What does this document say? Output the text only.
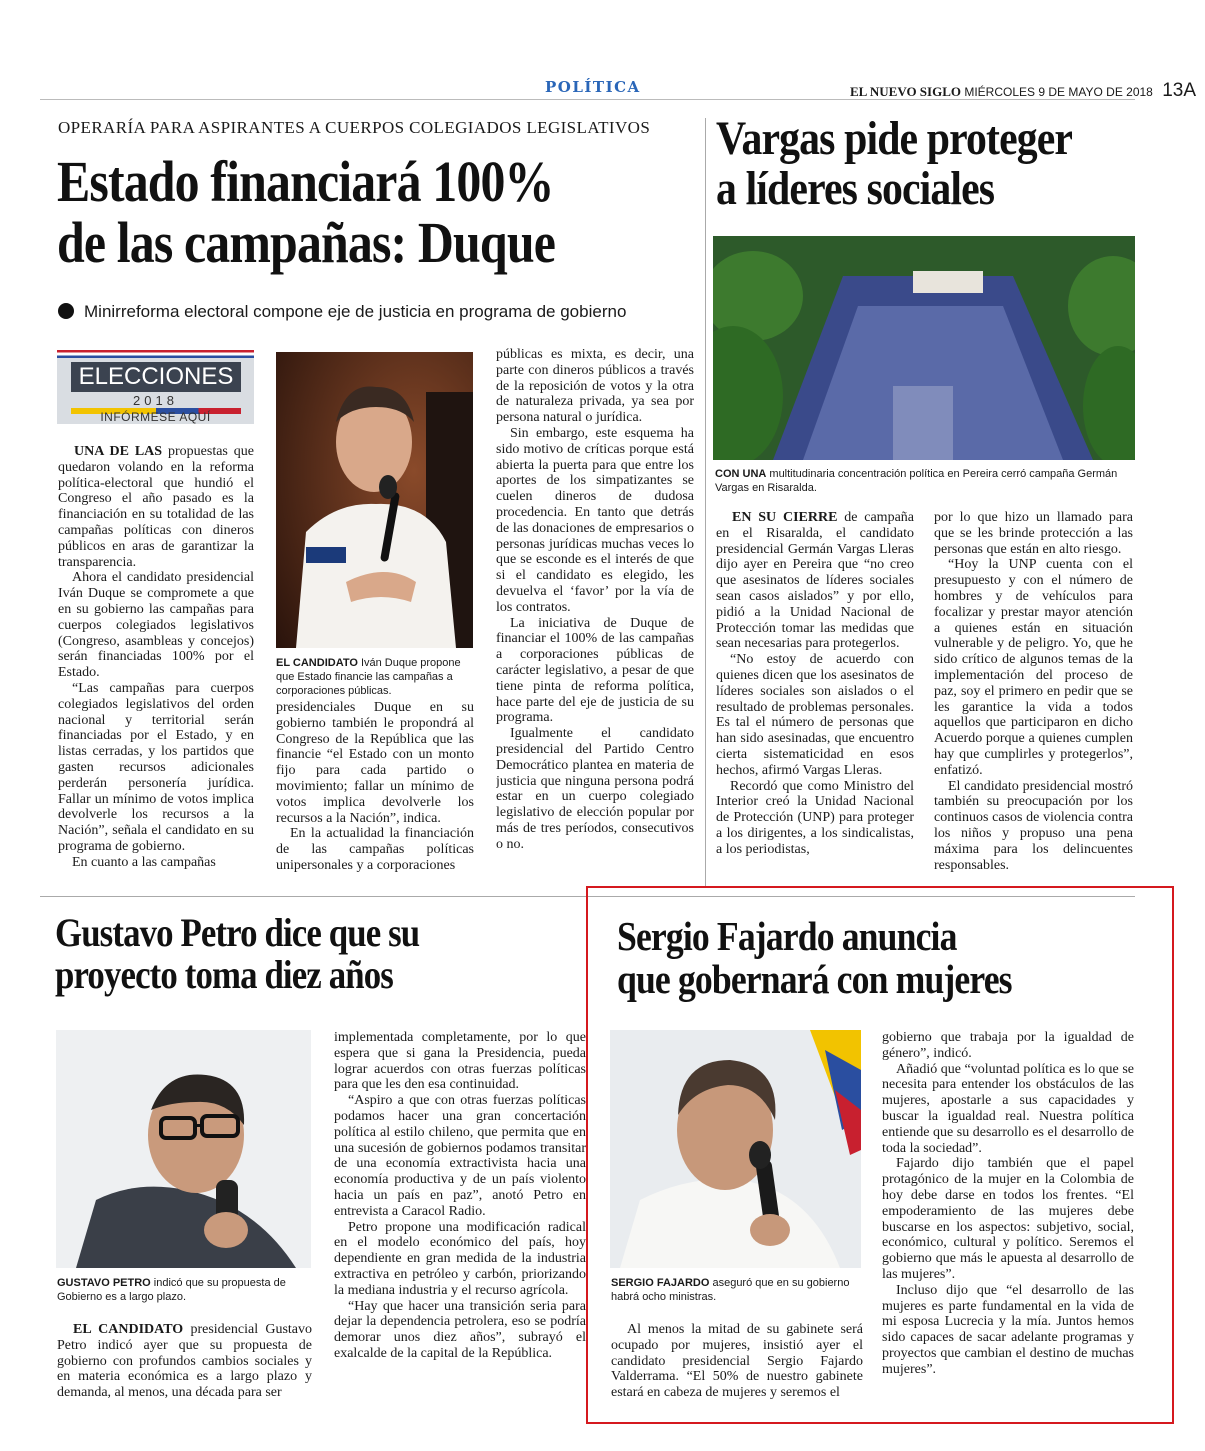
POLÍTICA	EL NUEVO SIGLO MIÉRCOLES 9 DE MAYO DE 2018 13A
OPERARÍA PARA ASPIRANTES A CUERPOS COLEGIADOS LEGISLATIVOS
Estado financiará 100%
de las campañas: Duque
Minirreforma electoral compone eje de justicia en programa de gobierno
ELECCIONES
2018
INFÓRMESE AQUÍ

UNA DE LAS propuestas que quedaron volando en la reforma política-electoral que hundió el Congreso el año pasado es la financiación en su totalidad de las campañas políticas con dineros públicos en aras de garantizar la transparencia.

Ahora el candidato presidencial Iván Duque se compromete a que en su gobierno las campañas para cuerpos colegiados legislativos (Congreso, asambleas y concejos) serán financiadas 100% por el Estado.

“Las campañas para cuerpos colegiados legislativos del orden nacional y territorial serán financiadas por el Estado, y en listas cerradas, y los partidos que gasten recursos adicionales perderán personería jurídica. Fallar un mínimo de votos implica devolverle los recursos a la Nación”, señala el candidato en su programa de gobierno.

En cuanto a las campañas

EL CANDIDATO Iván Duque propone que Estado financie las campañas a corporaciones públicas.

presidenciales Duque en su gobierno también le propondrá al Congreso de la República que las financie “el Estado con un monto fijo para cada partido o movimiento; fallar un mínimo de votos implica devolverle los recursos a la Nación”, indica.

En la actualidad la financiación de las campañas políticas unipersonales y a corporaciones

públicas es mixta, es decir, una parte con dineros públicos a través de la reposición de votos y la otra de naturaleza privada, ya sea por persona natural o jurídica.

Sin embargo, este esquema ha sido motivo de críticas porque está abierta la puerta para que entre los aportes de los simpatizantes se cuelen dineros de dudosa procedencia. En tanto que detrás de las donaciones de empresarios o personas jurídicas muchas veces lo que se esconde es el interés de que si el candidato es elegido, les devuelva el ‘favor’ por la vía de los contratos.

La iniciativa de Duque de financiar el 100% de las campañas a corporaciones públicas de carácter legislativo, a pesar de que tiene pinta de reforma política, hace parte del eje de justicia de su programa.

Igualmente el candidato presidencial del Partido Centro Democrático plantea en materia de justicia que ninguna persona podrá estar en un cuerpo colegiado legislativo de elección popular por más de tres períodos, consecutivos o no.

Vargas pide proteger
a líderes sociales
CON UNA multitudinaria concentración política en Pereira cerró campaña Germán Vargas en Risaralda.

EN SU CIERRE de campaña en el Risaralda, el candidato presidencial Germán Vargas Lleras dijo ayer en Pereira que “no creo que asesinatos de líderes sociales sean casos aislados” y por ello, pidió a la Unidad Nacional de Protección tomar las medidas que sean necesarias para protegerlos.

“No estoy de acuerdo con quienes dicen que los asesinatos de líderes sociales son aislados o el resultado de problemas personales. Es tal el número de personas que han sido asesinadas, que encuentro cierta sistematicidad en esos hechos, afirmó Vargas Lleras.

Recordó que como Ministro del Interior creó la Unidad Nacional de Protección (UNP) para proteger a los dirigentes, a los sindicalistas, a los periodistas,

por lo que hizo un llamado para que se les brinde protección a las personas que están en alto riesgo.

“Hoy la UNP cuenta con el presupuesto y con el número de hombres y de vehículos para focalizar y prestar mayor atención a quienes están en situación vulnerable y de peligro. Yo, que he sido crítico de algunos temas de la implementación del proceso de paz, soy el primero en pedir que se les garantice la vida a todos aquellos que participaron en dicho Acuerdo porque a quienes cumplen hay que cumplirles y protegerlos”, enfatizó.

El candidato presidencial mostró también su preocupación por los continuos casos de violencia contra los niños y propuso una pena máxima para los delincuentes responsables.

Gustavo Petro dice que su
proyecto toma diez años
GUSTAVO PETRO indicó que su propuesta de Gobierno es a largo plazo.

EL CANDIDATO presidencial Gustavo Petro indicó ayer que su propuesta de gobierno con profundos cambios sociales y en materia económica es a largo plazo y demanda, al menos, una década para ser

implementada completamente, por lo que espera que si gana la Presidencia, pueda lograr acuerdos con otras fuerzas políticas para que les den esa continuidad.

“Aspiro a que con otras fuerzas políticas podamos hacer una gran concertación política al estilo chileno, que permita que en una sucesión de gobiernos podamos transitar de una economía extractivista hacia una economía productiva y de un país violento hacia un país en paz”, anotó Petro en entrevista a Caracol Radio.

Petro propone una modificación radical en el modelo económico del país, hoy dependiente en gran medida de la industria extractiva en petróleo y carbón, priorizando la mediana industria y el recurso agrícola.

“Hay que hacer una transición seria para dejar la dependencia petrolera, eso se podría demorar unos diez años”, subrayó el exalcalde de la capital de la República.

Sergio Fajardo anuncia
que gobernará con mujeres
SERGIO FAJARDO aseguró que en su gobierno habrá ocho ministras.

Al menos la mitad de su gabinete será ocupado por mujeres, insistió ayer el candidato presidencial Sergio Fajardo Valderrama. “El 50% de nuestro gabinete estará en cabeza de mujeres y seremos el

gobierno que trabaja por la igualdad de género”, indicó.

Añadió que “voluntad política es lo que se necesita para entender los obstáculos de las mujeres, apostarle a sus capacidades y buscar la igualdad real. Nuestra política entiende que su desarrollo es el desarrollo de toda la sociedad”.

Fajardo dijo también que el papel protagónico de la mujer en la Colombia de hoy debe darse en todos los frentes. “El empoderamiento de las mujeres debe buscarse en los aspectos: subjetivo, social, económico, cultural y político. Seremos el gobierno que más le apuesta al desarrollo de las mujeres”.

Incluso dijo que “el desarrollo de las mujeres es parte fundamental en la vida de mi esposa Lucrecia y la mía. Juntos hemos sido capaces de sacar adelante programas y proyectos que cambian el destino de muchas mujeres”.
